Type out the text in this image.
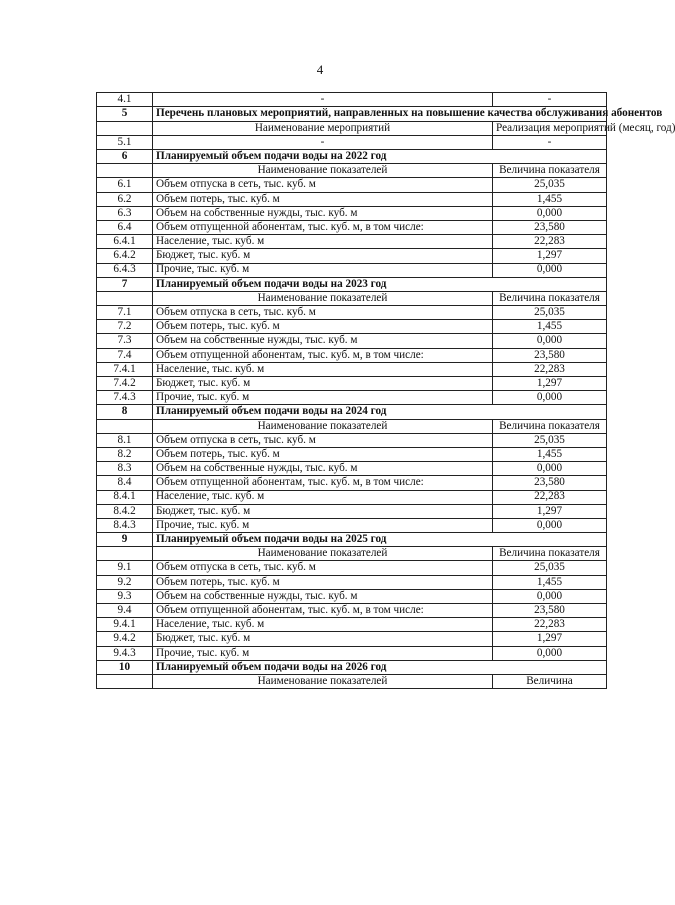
4
4.1	-	-
5	Перечень плановых мероприятий, направленных на повышение качества обслуживания абонентов	
	Наименование мероприятий	Реализация мероприятий (месяц, год)
5.1	-	-
6	Планируемый объем подачи воды на 2022 год	
	Наименование показателей	Величина показателя
6.1	Объем отпуска в сеть, тыс. куб. м	25,035
6.2	Объем потерь, тыс. куб. м	1,455
6.3	Объем на собственные нужды, тыс. куб. м	0,000
6.4	Объем отпущенной абонентам, тыс. куб. м, в том числе:	23,580
6.4.1	Население, тыс. куб. м	22,283
6.4.2	Бюджет, тыс. куб. м	1,297
6.4.3	Прочие, тыс. куб. м	0,000
7	Планируемый объем подачи воды на 2023 год	
	Наименование показателей	Величина показателя
7.1	Объем отпуска в сеть, тыс. куб. м	25,035
7.2	Объем потерь, тыс. куб. м	1,455
7.3	Объем на собственные нужды, тыс. куб. м	0,000
7.4	Объем отпущенной абонентам, тыс. куб. м, в том числе:	23,580
7.4.1	Население, тыс. куб. м	22,283
7.4.2	Бюджет, тыс. куб. м	1,297
7.4.3	Прочие, тыс. куб. м	0,000
8	Планируемый объем подачи воды на 2024 год	
	Наименование показателей	Величина показателя
8.1	Объем отпуска в сеть, тыс. куб. м	25,035
8.2	Объем потерь, тыс. куб. м	1,455
8.3	Объем на собственные нужды, тыс. куб. м	0,000
8.4	Объем отпущенной абонентам, тыс. куб. м, в том числе:	23,580
8.4.1	Население, тыс. куб. м	22,283
8.4.2	Бюджет, тыс. куб. м	1,297
8.4.3	Прочие, тыс. куб. м	0,000
9	Планируемый объем подачи воды на 2025 год	
	Наименование показателей	Величина показателя
9.1	Объем отпуска в сеть, тыс. куб. м	25,035
9.2	Объем потерь, тыс. куб. м	1,455
9.3	Объем на собственные нужды, тыс. куб. м	0,000
9.4	Объем отпущенной абонентам, тыс. куб. м, в том числе:	23,580
9.4.1	Население, тыс. куб. м	22,283
9.4.2	Бюджет, тыс. куб. м	1,297
9.4.3	Прочие, тыс. куб. м	0,000
10	Планируемый объем подачи воды на 2026 год	
	Наименование показателей	Величина
